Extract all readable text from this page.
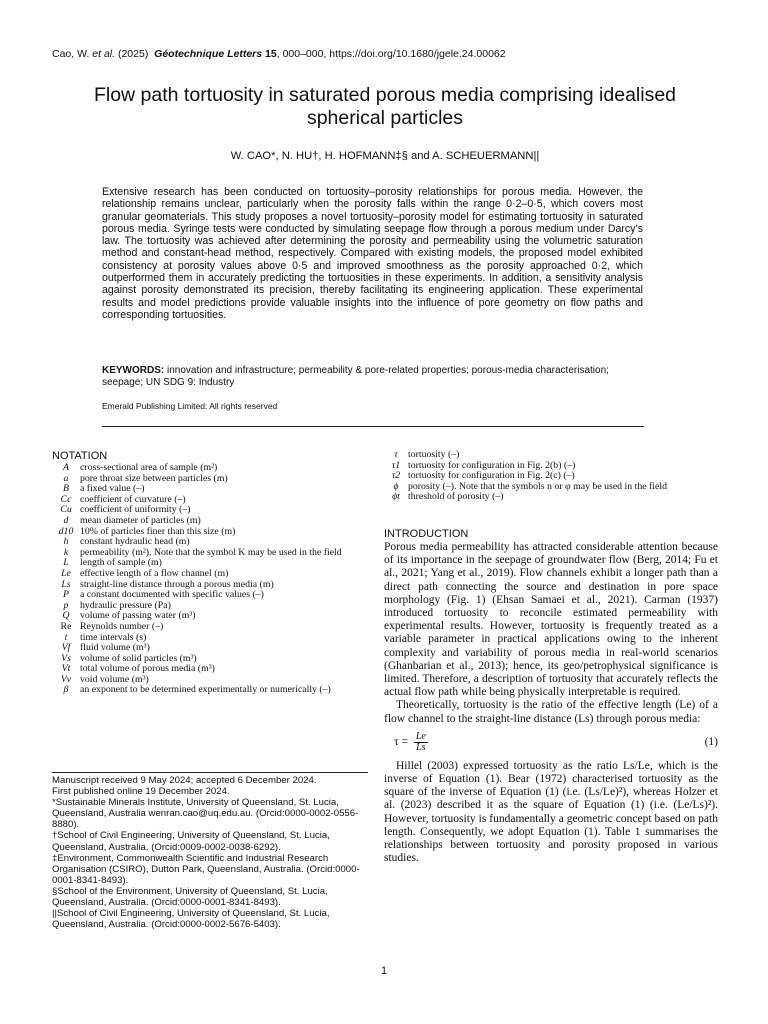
Cao, W. et al. (2025) Géotechnique Letters 15, 000–000, https://doi.org/10.1680/jgele.24.00062
Flow path tortuosity in saturated porous media comprising idealised spherical particles
W. CAO*, N. HU†, H. HOFMANN‡§ and A. SCHEUERMANN||

Extensive research has been conducted on tortuosity–porosity relationships for porous media. However, the relationship remains unclear, particularly when the porosity falls within the range 0·2–0·5, which covers most granular geomaterials. This study proposes a novel tortuosity–porosity model for estimating tortuosity in saturated porous media. Syringe tests were conducted by simulating seepage flow through a porous medium under Darcy’s law. The tortuosity was achieved after determining the porosity and permeability using the volumetric saturation method and constant-head method, respectively. Compared with existing models, the proposed model exhibited consistency at porosity values above 0·5 and improved smoothness as the porosity approached 0·2, which outperformed them in accurately predicting the tortuosities in these experiments. In addition, a sensitivity analysis against porosity demonstrated its precision, thereby facilitating its engineering application. These experimental results and model predictions provide valuable insights into the influence of pore geometry on flow paths and corresponding tortuosities.

KEYWORDS: innovation and infrastructure; permeability & pore-related properties; porous-media characterisation; seepage; UN SDG 9: Industry

Emerald Publishing Limited: All rights reserved
NOTATION
A	cross-sectional area of sample (m²)
a	pore throat size between particles (m)
B	a fixed value (–)
Cc coefficient of curvature (–)
Cu coefficient of uniformity (–)
d	mean diameter of particles (m)
d10 10% of particles finer than this size (m)
h	constant hydraulic head (m)
k	permeability (m²). Note that the symbol K may be used in the field
L	length of sample (m)
Le effective length of a flow channel (m)
Ls straight-line distance through a porous media (m)
P	a constant documented with specific values (–)
p	hydraulic pressure (Pa)
Q	volume of passing water (m³)
Re Reynolds number (–)
t	time intervals (s)
Vf fluid volume (m³)
Vs volume of solid particles (m³)
Vt total volume of porous media (m³)
Vv void volume (m³)
β	an exponent to be determined experimentally or numerically (–)
τ	tortuosity (–)
τ1 tortuosity for configuration in Fig. 2(b) (–)
τ2 tortuosity for configuration in Fig. 2(c) (–)
ϕ porosity (–). Note that the symbols n or φ may be used in the field
ϕt threshold of porosity (–)
INTRODUCTION

Porous media permeability has attracted considerable attention because of its importance in the seepage of groundwater flow (Berg, 2014; Fu et al., 2021; Yang et al., 2019). Flow channels exhibit a longer path than a direct path connecting the source and destination in pore space morphology (Fig. 1) (Ehsan Samaei et al., 2021). Carman (1937) introduced tortuosity to reconcile estimated permeability with experimental results. However, tortuosity is frequently treated as a variable parameter in practical applications owing to the inherent complexity and variability of porous media in real-world scenarios (Ghanbarian et al., 2013); hence, its geo/petrophysical significance is limited. Therefore, a description of tortuosity that accurately reflects the actual flow path while being physically interpretable is required.

Theoretically, tortuosity is the ratio of the effective length (Le) of a flow channel to the straight-line distance (Ls) through porous media:

$\tau = \frac{Le}{Ls}$	(1)

Hillel (2003) expressed tortuosity as the ratio Ls/Le, which is the inverse of Equation (1). Bear (1972) characterised tortuosity as the square of the inverse of Equation (1) (i.e. (Ls/Le)²), whereas Holzer et al. (2023) described it as the square of Equation (1) (i.e. (Le/Ls)²). However, tortuosity is fundamentally a geometric concept based on path length. Consequently, we adopt Equation (1). Table 1 summarises the relationships between tortuosity and porosity proposed in various studies.

Manuscript received 9 May 2024; accepted 6 December 2024.

First published online 19 December 2024.

*Sustainable Minerals Institute, University of Queensland, St. Lucia, Queensland, Australia wenran.cao@uq.edu.au. (Orcid:0000-0002-0556-8880).

†School of Civil Engineering, University of Queensland, St. Lucia, Queensland, Australia. (Orcid:0009-0002-0038-6292).

‡Environment, Commonwealth Scientific and Industrial Research Organisation (CSIRO), Dutton Park, Queensland, Australia. (Orcid:0000-0001-8341-8493).

§School of the Environment, University of Queensland, St. Lucia, Queensland, Australia. (Orcid:0000-0001-8341-8493).

||School of Civil Engineering, University of Queensland, St. Lucia, Queensland, Australia. (Orcid:0000-0002-5676-5403).

1
